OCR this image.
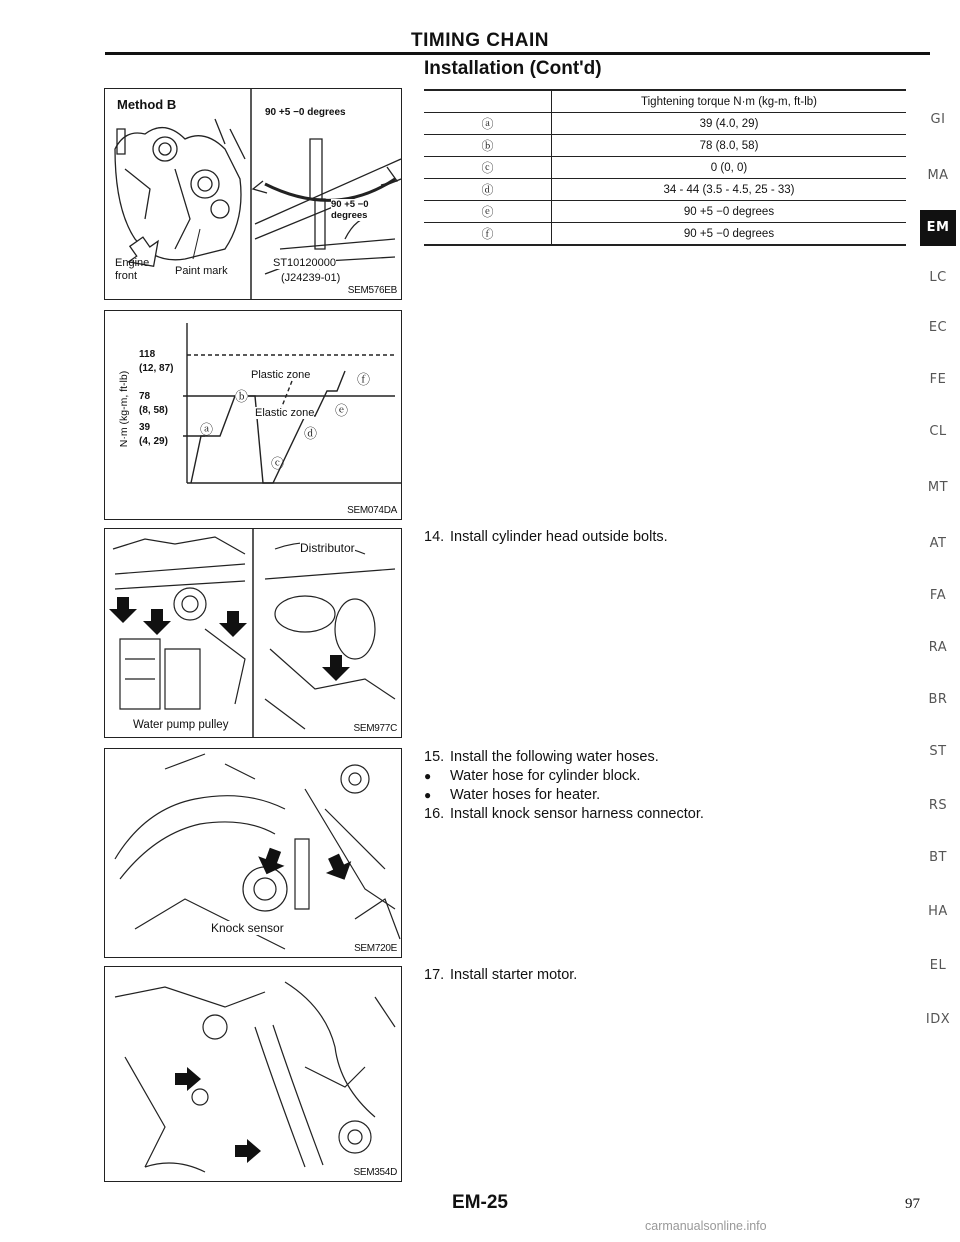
TIMING CHAIN
Installation (Cont'd)
Method B
90 +5 −0 degrees
90 +5 −0 degrees
Engine front	Paint mark
ST10120000
(J24239-01)
SEM576EB
N·m (kg-m, ft-lb)
118
(12, 87)
78
(8, 58)
39
(4, 29)
Plastic zone
Elastic zone
ⓐ
ⓑ
ⓒ
ⓓ
ⓔ
ⓕ
SEM074DA
Distributor
Water pump pulley	SEM977C
Knock sensor
SEM720E
SEM354D
	Tightening torque N·m (kg-m, ft-lb)
ⓐ	39 (4.0, 29)
ⓑ	78 (8.0, 58)
ⓒ	0 (0, 0)
ⓓ	34 - 44 (3.5 - 4.5, 25 - 33)
ⓔ	90 +5 −0 degrees
ⓕ	90 +5 −0 degrees
14. Install cylinder head outside bolts.
15. Install the following water hoses.
● Water hose for cylinder block.
● Water hoses for heater.
16. Install knock sensor harness connector.
17. Install starter motor.
GI
MA
EM
LC
EC
FE
CL
MT
AT
FA
RA
BR
ST
RS
BT
HA
EL
IDX
EM-25	97
carmanualsonline.info
